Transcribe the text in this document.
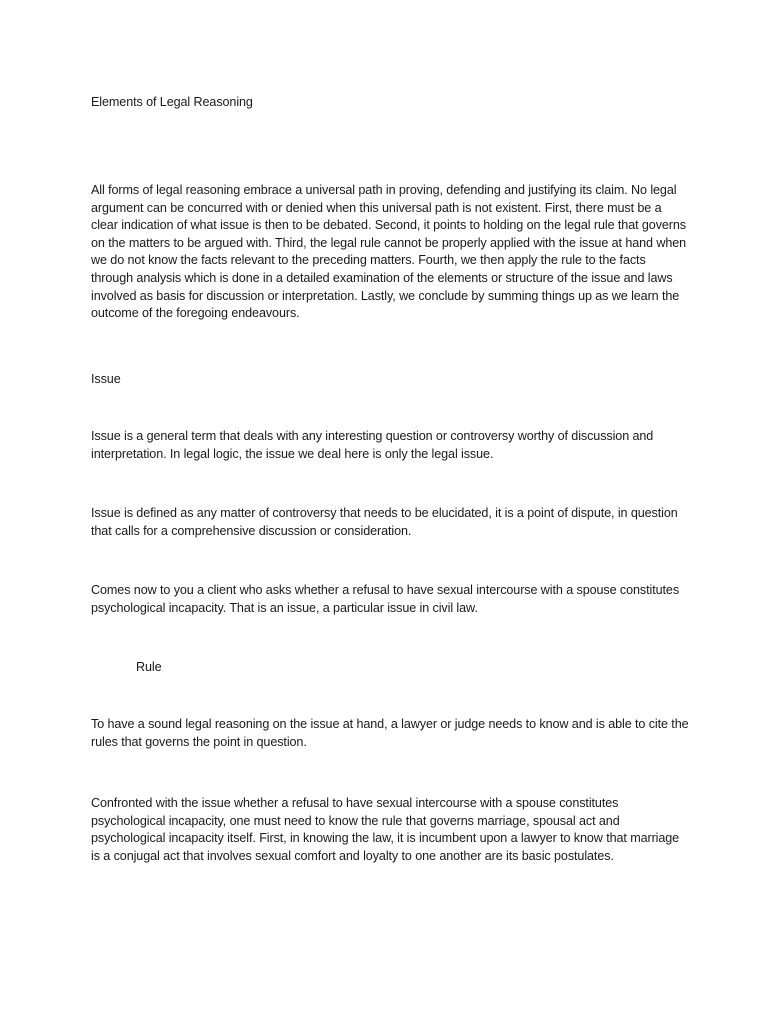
Elements of Legal Reasoning

All forms of legal reasoning embrace a universal path in proving, defending and justifying its claim. No legal argument can be concurred with or denied when this universal path is not existent. First, there must be a clear indication of what issue is then to be debated. Second, it points to holding on the legal rule that governs on the matters to be argued with. Third, the legal rule cannot be properly applied with the issue at hand when we do not know the facts relevant to the preceding matters. Fourth, we then apply the rule to the facts through analysis which is done in a detailed examination of the elements or structure of the issue and laws involved as basis for discussion or interpretation. Lastly, we conclude by summing things up as we learn the outcome of the foregoing endeavours.

Issue

Issue is a general term that deals with any interesting question or controversy worthy of discussion and interpretation. In legal logic, the issue we deal here is only the legal issue.

Issue is defined as any matter of controversy that needs to be elucidated, it is a point of dispute, in question that calls for a comprehensive discussion or consideration.

Comes now to you a client who asks whether a refusal to have sexual intercourse with a spouse constitutes psychological incapacity. That is an issue, a particular issue in civil law.

Rule

To have a sound legal reasoning on the issue at hand, a lawyer or judge needs to know and is able to cite the rules that governs the point in question.

Confronted with the issue whether a refusal to have sexual intercourse with a spouse constitutes psychological incapacity, one must need to know the rule that governs marriage, spousal act and psychological incapacity itself. First, in knowing the law, it is incumbent upon a lawyer to know that marriage is a conjugal act that involves sexual comfort and loyalty to one another are its basic postulates.
